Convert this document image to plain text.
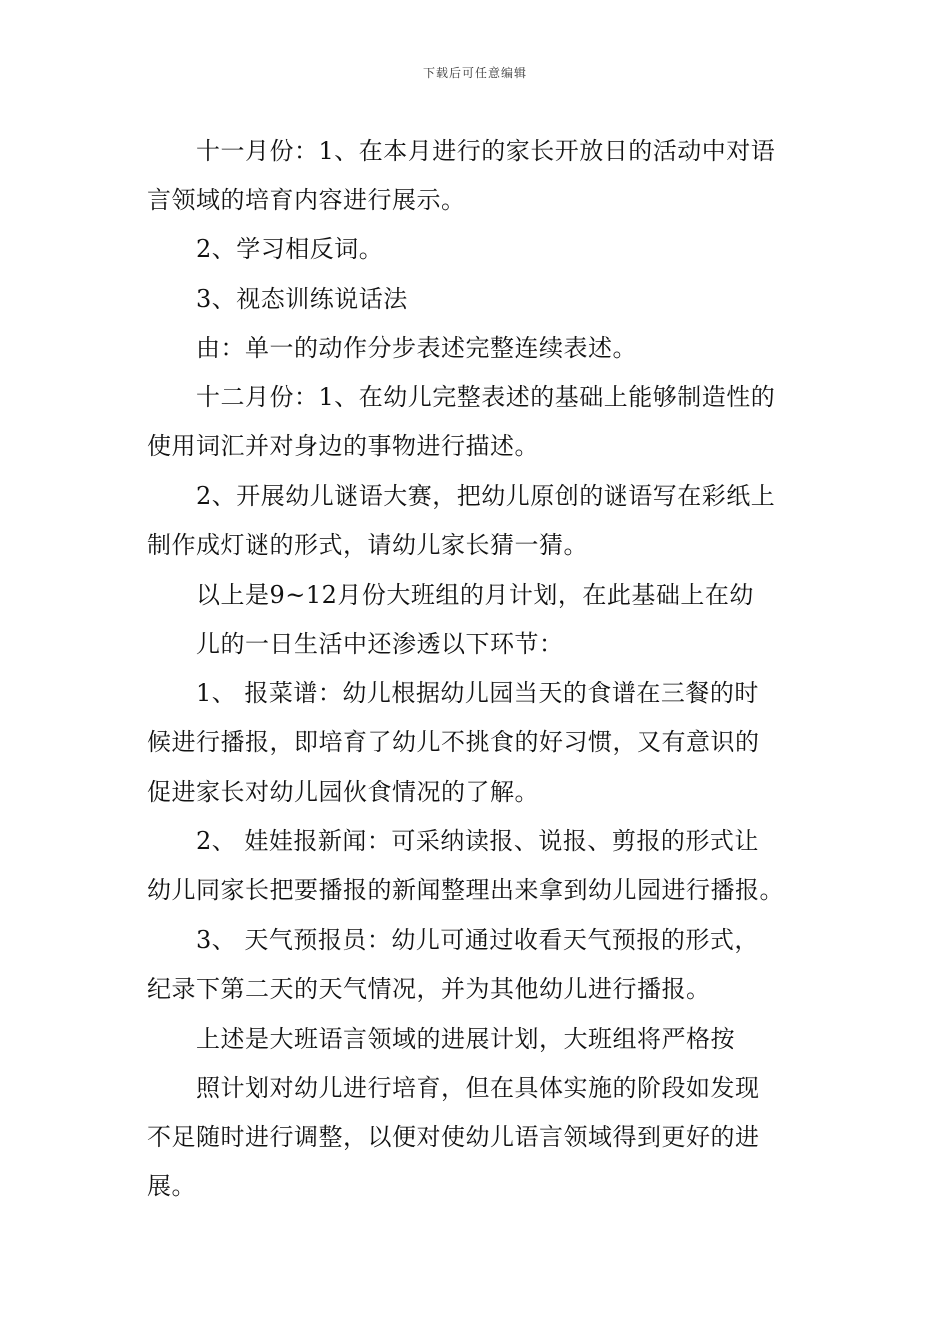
下载后可任意编辑
十一月份：1、在本月进行的家长开放日的活动中对语
言领域的培育内容进行展示。
2、学习相反词。
3、视态训练说话法
由：单一的动作分步表述完整连续表述。
十二月份：1、在幼儿完整表述的基础上能够制造性的
使用词汇并对身边的事物进行描述。
2、开展幼儿谜语大赛，把幼儿原创的谜语写在彩纸上
制作成灯谜的形式，请幼儿家长猜一猜。
以上是9~12月份大班组的月计划，在此基础上在幼
儿的一日生活中还渗透以下环节：
1、 报菜谱：幼儿根据幼儿园当天的食谱在三餐的时
候进行播报，即培育了幼儿不挑食的好习惯，又有意识的
促进家长对幼儿园伙食情况的了解。
2、 娃娃报新闻：可采纳读报、说报、剪报的形式让
幼儿同家长把要播报的新闻整理出来拿到幼儿园进行播报。
3、 天气预报员：幼儿可通过收看天气预报的形式，
纪录下第二天的天气情况，并为其他幼儿进行播报。
上述是大班语言领域的进展计划，大班组将严格按
照计划对幼儿进行培育，但在具体实施的阶段如发现
不足随时进行调整，以便对使幼儿语言领域得到更好的进
展。
